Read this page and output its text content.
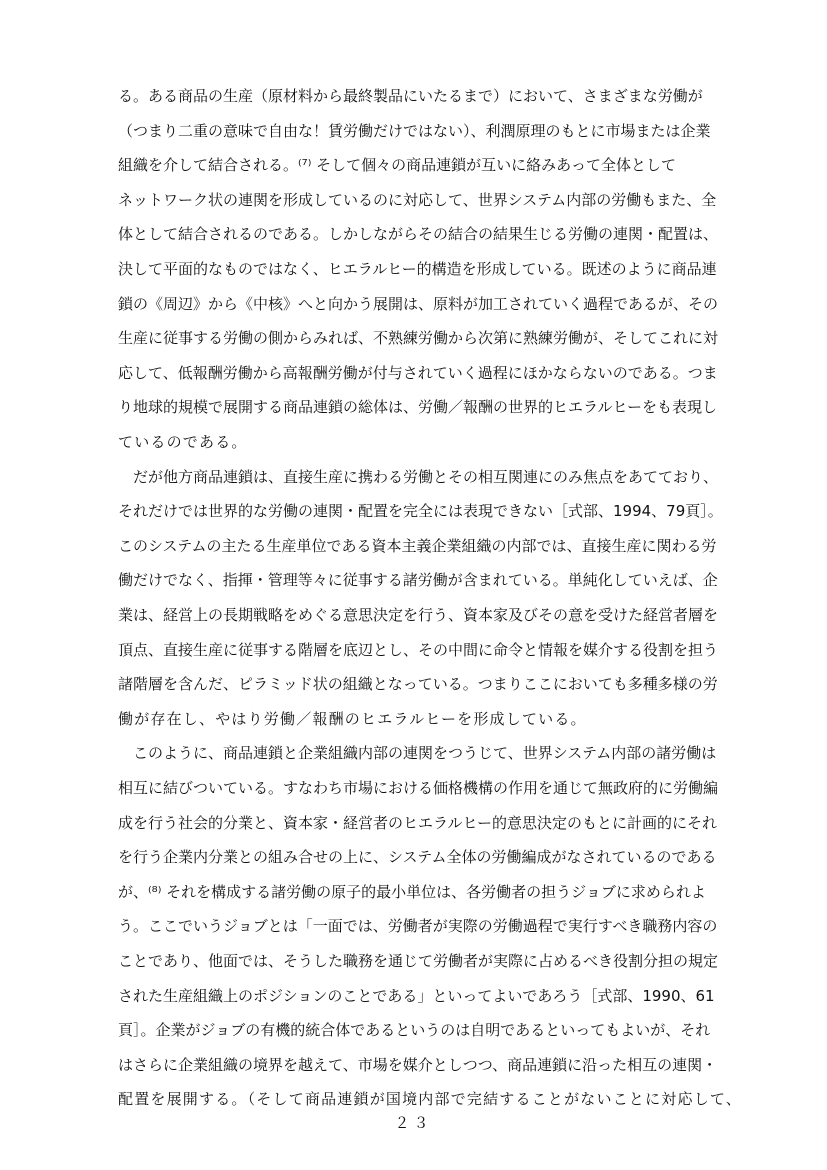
る。ある商品の生産（原材料から最終製品にいたるまで）において、さまざまな労働が
（つまり二重の意味で自由な！賃労働だけではない）、利潤原理のもとに市場または企業
組織を介して結合される。⁽⁷⁾ そして個々の商品連鎖が互いに絡みあって全体として
ネットワーク状の連関を形成しているのに対応して、世界システム内部の労働もまた、全
体として結合されるのである。しかしながらその結合の結果生じる労働の連関・配置は、
決して平面的なものではなく、ヒエラルヒー的構造を形成している。既述のように商品連
鎖の《周辺》から《中核》へと向かう展開は、原料が加工されていく過程であるが、その
生産に従事する労働の側からみれば、不熟練労働から次第に熟練労働が、そしてこれに対
応して、低報酬労働から高報酬労働が付与されていく過程にほかならないのである。つま
り地球的規模で展開する商品連鎖の総体は、労働／報酬の世界的ヒエラルヒーをも表現し
ているのである。
　だが他方商品連鎖は、直接生産に携わる労働とその相互関連にのみ焦点をあてており、
それだけでは世界的な労働の連関・配置を完全には表現できない［式部、1994、79頁］。
このシステムの主たる生産単位である資本主義企業組織の内部では、直接生産に関わる労
働だけでなく、指揮・管理等々に従事する諸労働が含まれている。単純化していえば、企
業は、経営上の長期戦略をめぐる意思決定を行う、資本家及びその意を受けた経営者層を
頂点、直接生産に従事する階層を底辺とし、その中間に命令と情報を媒介する役割を担う
諸階層を含んだ、ピラミッド状の組織となっている。つまりここにおいても多種多様の労
働が存在し、やはり労働／報酬のヒエラルヒーを形成している。
　このように、商品連鎖と企業組織内部の連関をつうじて、世界システム内部の諸労働は
相互に結びついている。すなわち市場における価格機構の作用を通じて無政府的に労働編
成を行う社会的分業と、資本家・経営者のヒエラルヒー的意思決定のもとに計画的にそれ
を行う企業内分業との組み合せの上に、システム全体の労働編成がなされているのである
が、⁽⁸⁾ それを構成する諸労働の原子的最小単位は、各労働者の担うジョブに求められよ
う。ここでいうジョブとは「一面では、労働者が実際の労働過程で実行すべき職務内容の
ことであり、他面では、そうした職務を通じて労働者が実際に占めるべき役割分担の規定
された生産組織上のポジションのことである」といってよいであろう［式部、1990、61
頁］。企業がジョブの有機的統合体であるというのは自明であるといってもよいが、それ
はさらに企業組織の境界を越えて、市場を媒介としつつ、商品連鎖に沿った相互の連関・
配置を展開する。（そして商品連鎖が国境内部で完結することがないことに対応して、
２３
